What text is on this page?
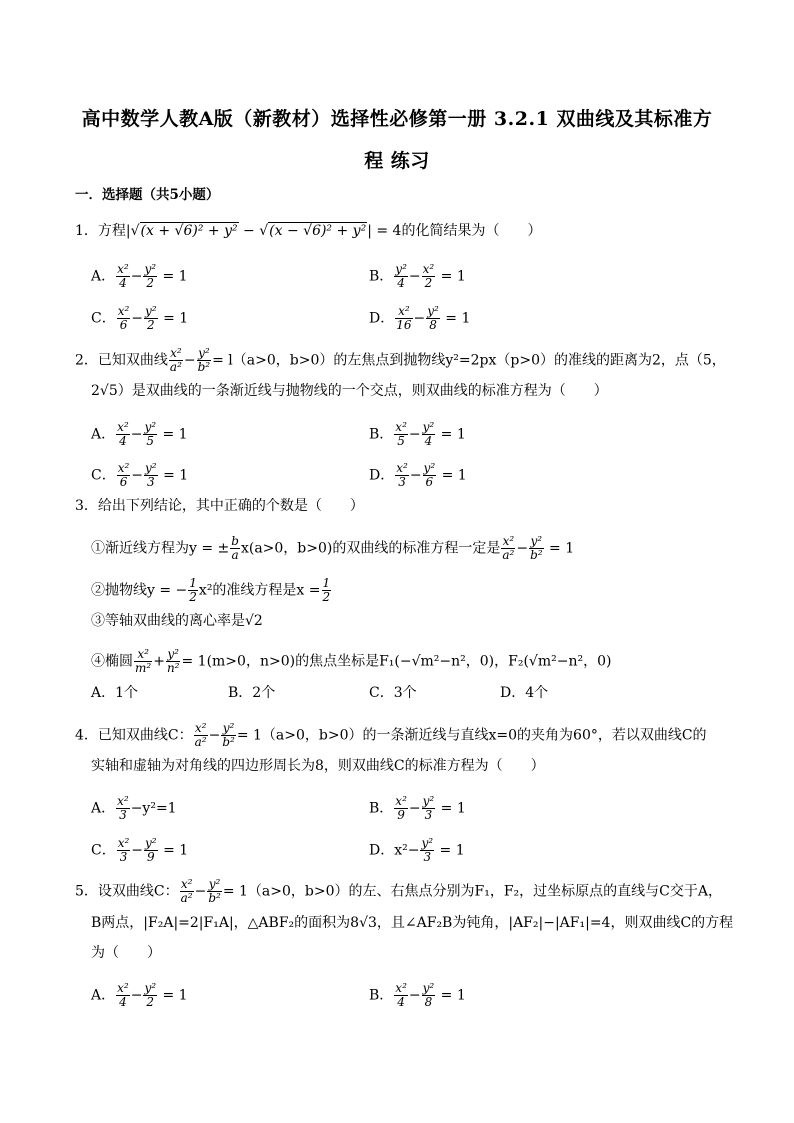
高中数学人教A版（新教材）选择性必修第一册 3.2.1 双曲线及其标准方
程 练习
一．选择题（共5小题）
1．方程|√(x + √6)² + y² − √(x − √6)² + y²| = 4的化简结果为（　　）
A． $\frac{\text{x²}}{4} - \frac{\text{y²}}{2} = 1$	B． $\frac{\text{y²}}{4} - \frac{\text{x²}}{2} = 1$
C． $\frac{\text{x²}}{6} - \frac{\text{y²}}{2} = 1$	D． $\frac{\text{x²}}{16} - \frac{\text{y²}}{8} = 1$
2．已知双曲线 $\frac{\text{x²}}{\text{a²}} - \frac{\text{y²}}{\text{b²}} = l(a>0$，b>0）的左焦点到抛物线y²=2px（p>0）的准线的距离为2，点（5，
2√5）是双曲线的一条渐近线与抛物线的一个交点，则双曲线的标准方程为（　　）
A． $\frac{\text{x²}}{4} - \frac{\text{y²}}{5} = 1$	B． $\frac{\text{x²}}{5} - \frac{\text{y²}}{4} = 1$
C． $\frac{\text{x²}}{6} - \frac{\text{y²}}{3} = 1$	D． $\frac{\text{x²}}{3} - \frac{\text{y²}}{6} = 1$
3．给出下列结论，其中正确的个数是（　　）
①渐近线方程为y = ± $\frac{b}{a} x(a>0$，b>0)的双曲线的标准方程一定是 $\frac{\text{x²}}{\text{a²}} - \frac{\text{y²}}{\text{b²}} = 1$
②抛物线y = − $\frac{1}{2} x^2$的准线方程是$x = \frac{1}{2}$
③等轴双曲线的离心率是√2
④椭圆 $\frac{\text{x²}}{\text{m²}} + \frac{\text{y²}}{\text{n²}} = 1(m>0$，n>0)的焦点坐标是F₁(−√m²−n²，0)，F₂(√m²−n²，0)
A．1个	B．2个	C．3个	D．4个
4．已知双曲线C： $\frac{\text{x²}}{\text{a²}} - \frac{\text{y²}}{\text{b²}} = 1(a>0$，b>0）的一条渐近线与直线x=0的夹角为60°，若以双曲线C的
实轴和虚轴为对角线的四边形周长为8，则双曲线C的标准方程为（　　）
A． $\frac{\text{x²}}{3} -y^2=1$	B． $\frac{\text{x²}}{9} - \frac{\text{y²}}{3} = 1$
C． $\frac{\text{x²}}{3} - \frac{\text{y²}}{9} = 1$	D．$x^2- \frac{\text{y²}}{3} = 1$
5．设双曲线C： $\frac{\text{x²}}{\text{a²}} - \frac{\text{y²}}{\text{b²}} = 1(a>0$，b>0）的左、右焦点分别为F₁，F₂，过坐标原点的直线与C交于A，
B两点，|F₂A|=2|F₁A|，△ABF₂的面积为8√3，且∠AF₂B为钝角，|AF₂|−|AF₁|=4，则双曲线C的方程
为（　　）
A． $\frac{\text{x²}}{4} - \frac{\text{y²}}{2} = 1$	B． $\frac{\text{x²}}{4} - \frac{\text{y²}}{8} = 1$
